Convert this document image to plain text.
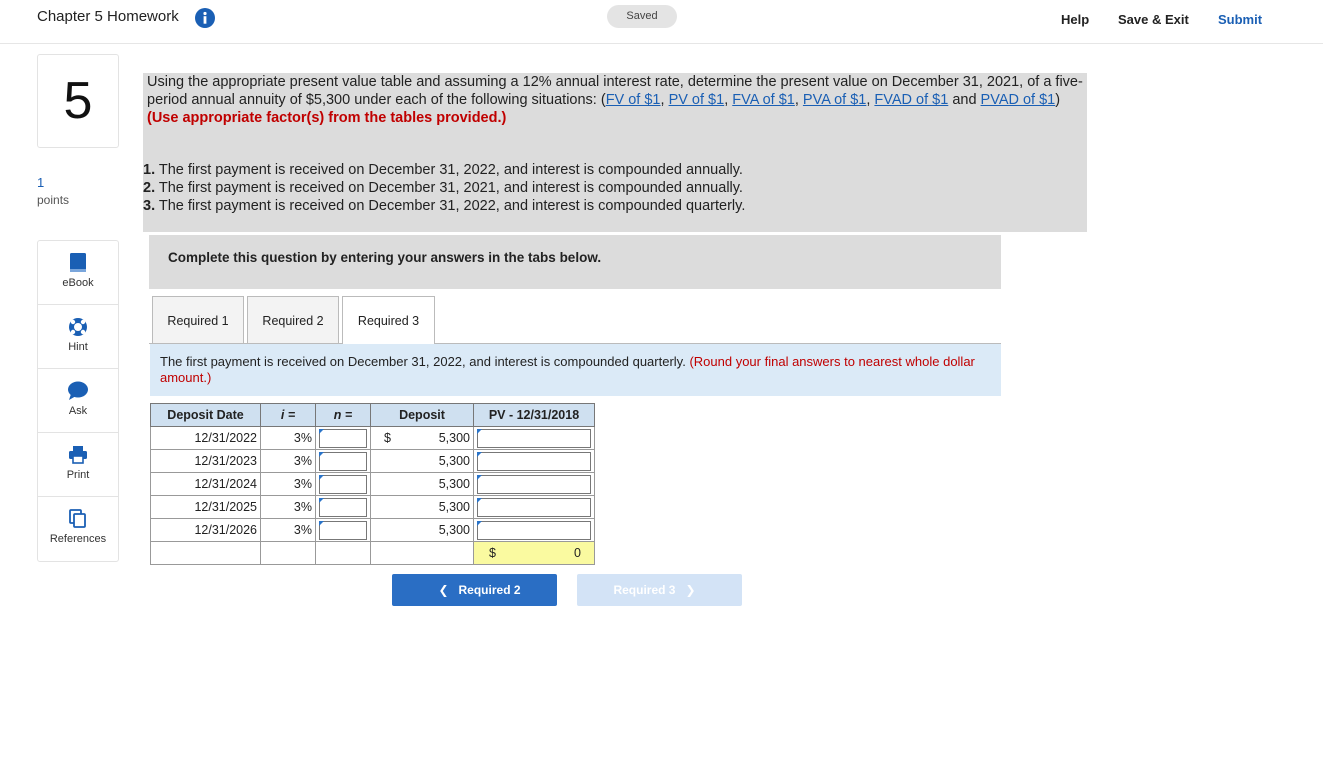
Chapter 5 Homework	Saved	Help Save & Exit Submit
5
1
points
eBook
Hint
Ask
Print
References
Using the appropriate present value table and assuming a 12% annual interest rate, determine the present value on December 31, 2021, of a five-period annual annuity of $5,300 under each of the following situations: (FV of $1, PV of $1, FVA of $1, PVA of $1, FVAD of $1 and PVAD of $1) (Use appropriate factor(s) from the tables provided.)
1. The first payment is received on December 31, 2022, and interest is compounded annually.
2. The first payment is received on December 31, 2021, and interest is compounded annually.
3. The first payment is received on December 31, 2022, and interest is compounded quarterly.
Complete this question by entering your answers in the tabs below.
Required 1	Required 2	Required 3
The first payment is received on December 31, 2022, and interest is compounded quarterly. (Round your final answers to nearest whole dollar amount.)
Deposit Date	i =	n =	Deposit	PV - 12/31/2018
12/31/2022	3%		$ 5,300	

12/31/2023	3%		5,300	

12/31/2024	3%		5,300	

12/31/2025	3%		5,300	

12/31/2026	3%		5,300	

				$ 0
❮ Required 2	Required 3 ❯
